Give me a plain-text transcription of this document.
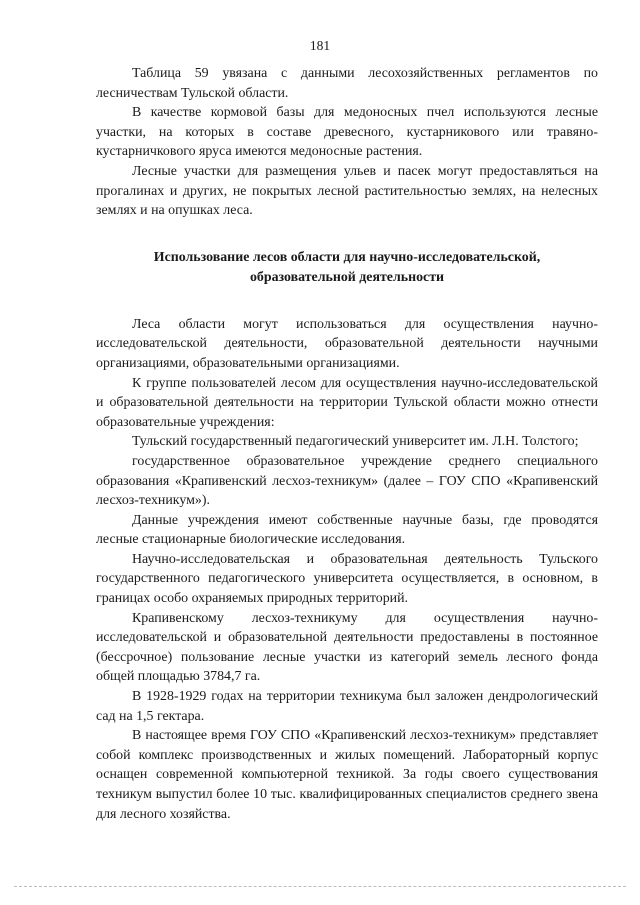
181

Таблица 59 увязана с данными лесохозяйственных регламентов по лесничествам Тульской области.

В качестве кормовой базы для медоносных пчел используются лесные участки, на которых в составе древесного, кустарникового или травяно-кустарничкового яруса имеются медоносные растения.

Лесные участки для размещения ульев и пасек могут предоставляться на прогалинах и других, не покрытых лесной растительностью землях, на нелесных землях и на опушках леса.

Использование лесов области для научно-исследовательской, образовательной деятельности

Леса области могут использоваться для осуществления научно-исследовательской деятельности, образовательной деятельности научными организациями, образовательными организациями.

К группе пользователей лесом для осуществления научно-исследовательской и образовательной деятельности на территории Тульской области можно отнести образовательные учреждения:

Тульский государственный педагогический университет им. Л.Н. Толстого;

государственное образовательное учреждение среднего специального образования «Крапивенский лесхоз-техникум» (далее – ГОУ СПО «Крапивенский лесхоз-техникум»).

Данные учреждения имеют собственные научные базы, где проводятся лесные стационарные биологические исследования.

Научно-исследовательская и образовательная деятельность Тульского государственного педагогического университета осуществляется, в основном, в границах особо охраняемых природных территорий.

Крапивенскому лесхоз-техникуму для осуществления научно-исследовательской и образовательной деятельности предоставлены в постоянное (бессрочное) пользование лесные участки из категорий земель лесного фонда общей площадью 3784,7 га.

В 1928-1929 годах на территории техникума был заложен дендрологический сад на 1,5 гектара.

В настоящее время ГОУ СПО «Крапивенский лесхоз-техникум» представляет собой комплекс производственных и жилых помещений. Лабораторный корпус оснащен современной компьютерной техникой. За годы своего существования техникум выпустил более 10 тыс. квалифицированных специалистов среднего звена для лесного хозяйства.
